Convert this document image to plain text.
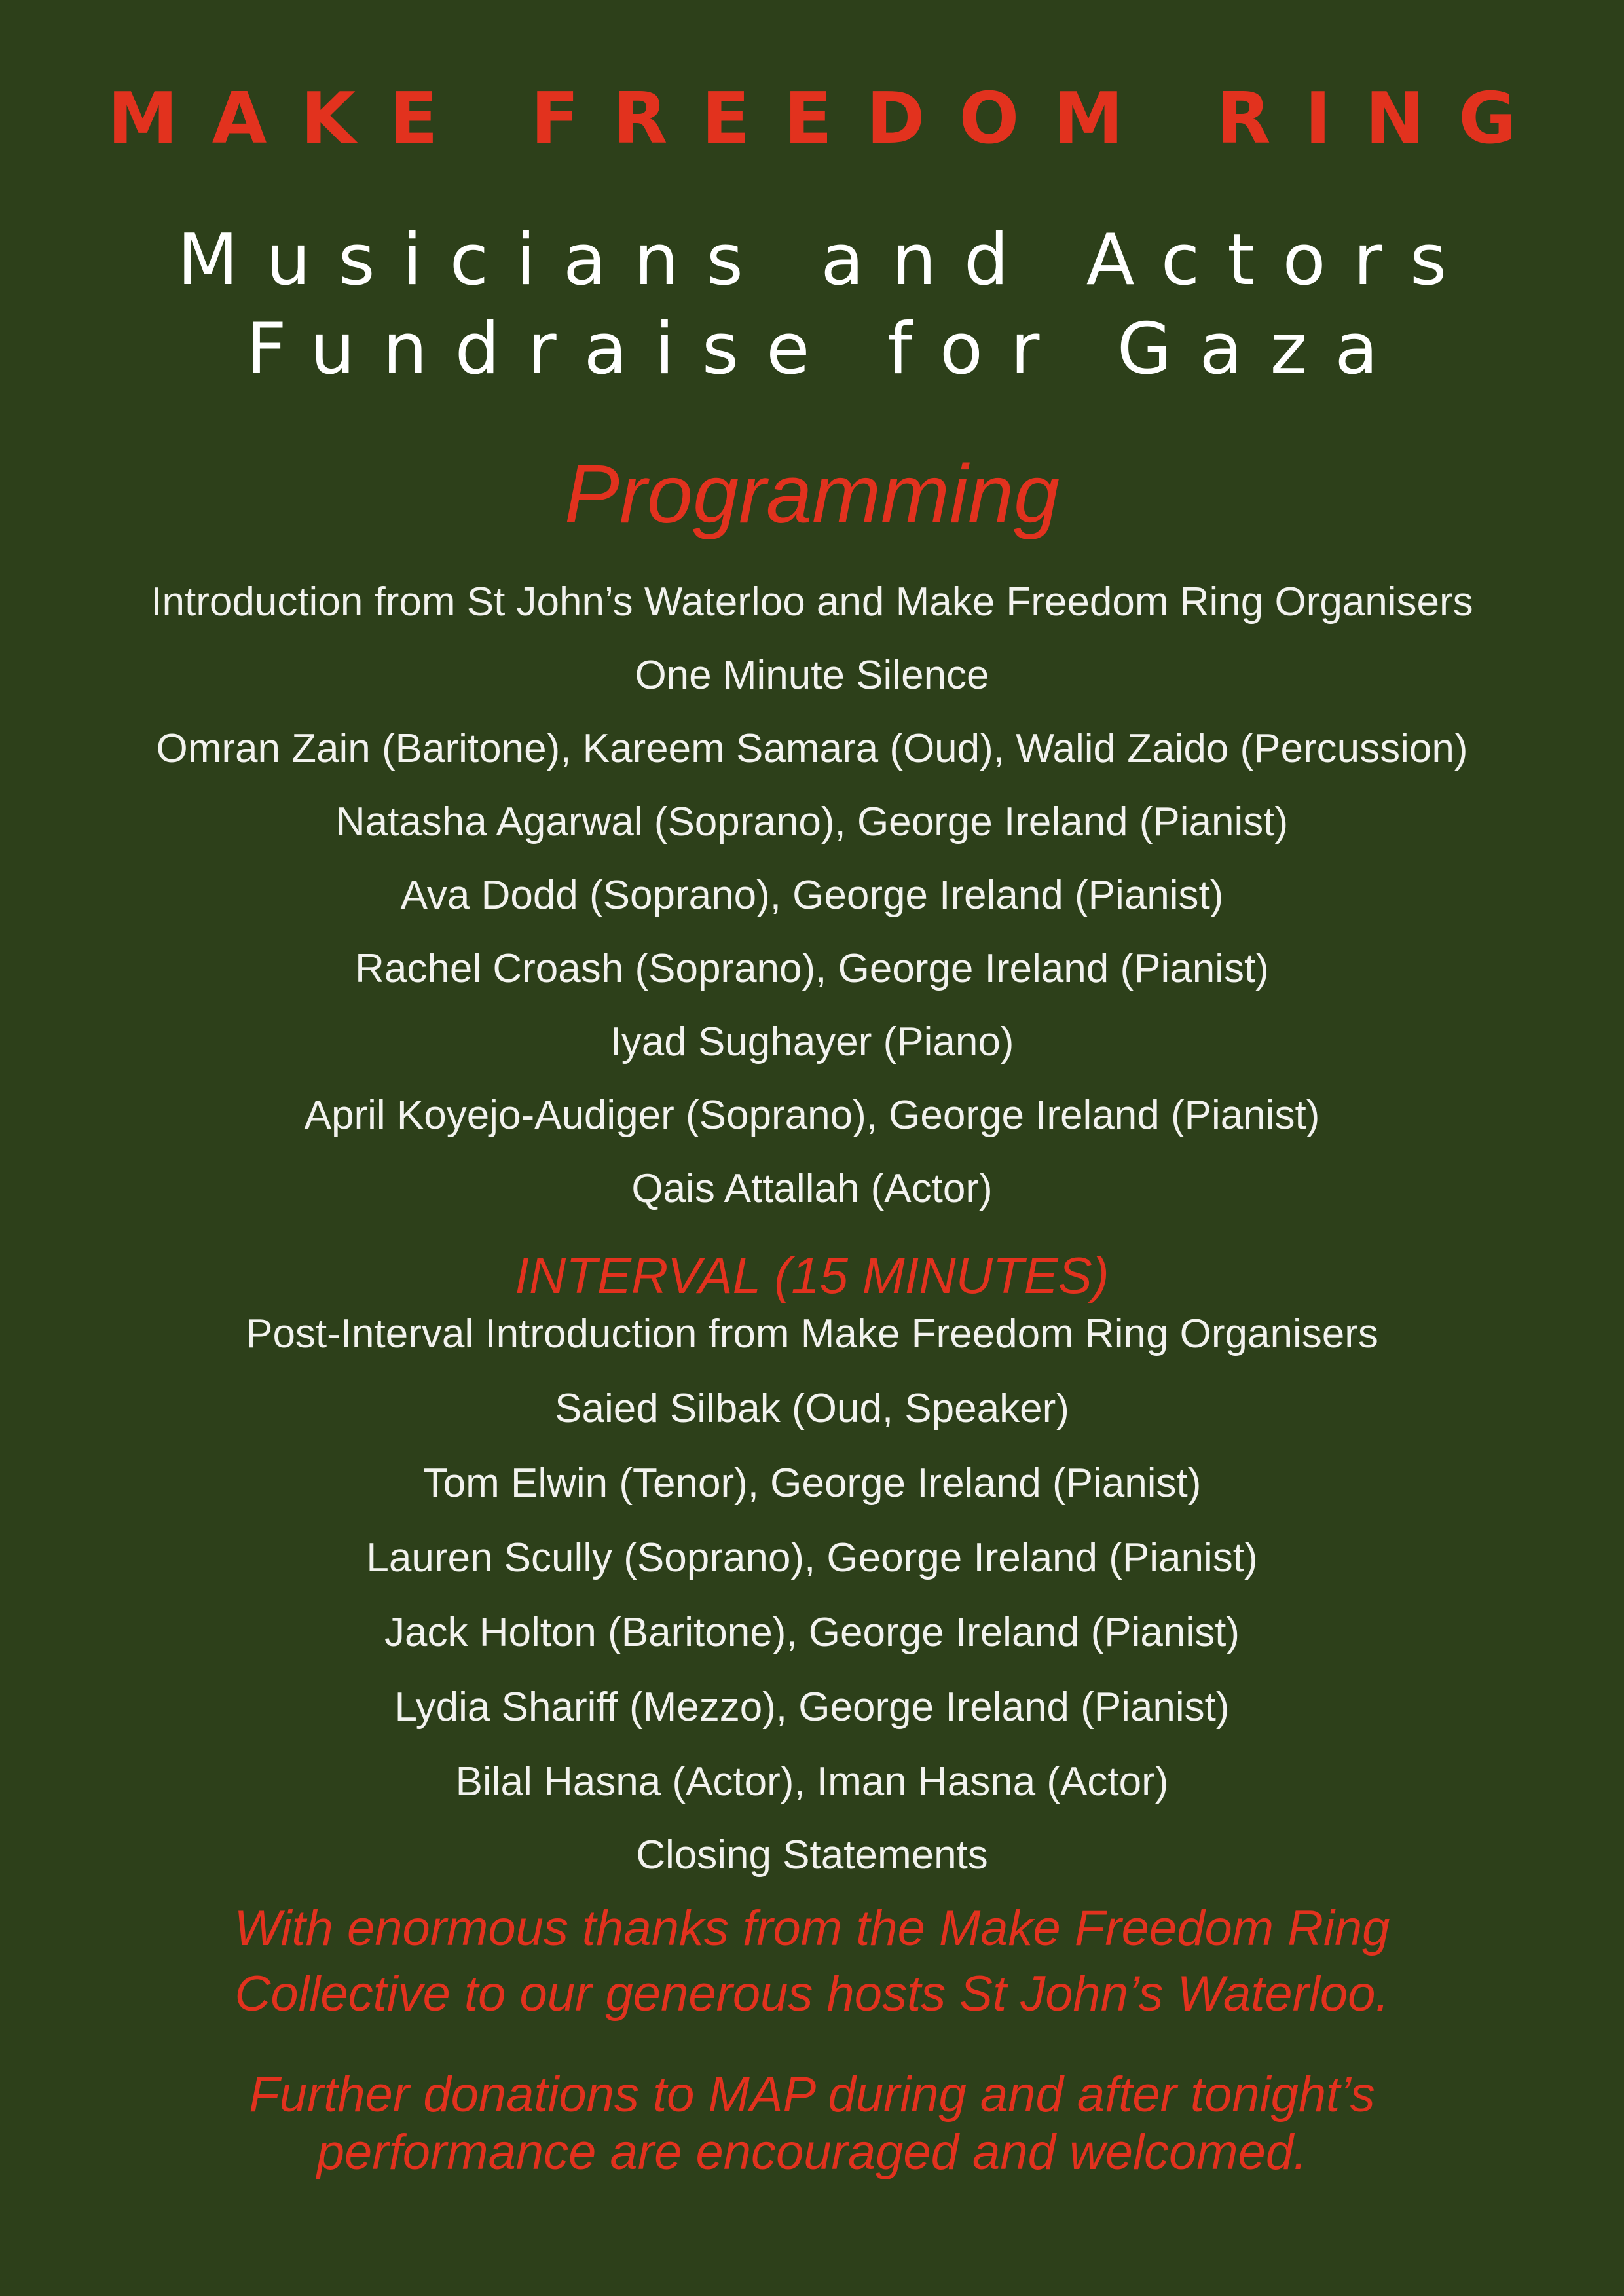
MAKE FREEDOM RING
Musicians and Actors
Fundraise for Gaza
Programming
Introduction from St John’s Waterloo and Make Freedom Ring Organisers
One Minute Silence
Omran Zain (Baritone), Kareem Samara (Oud), Walid Zaido (Percussion)
Natasha Agarwal (Soprano), George Ireland (Pianist)
Ava Dodd (Soprano), George Ireland (Pianist)
Rachel Croash (Soprano), George Ireland (Pianist)
Iyad Sughayer (Piano)
April Koyejo-Audiger (Soprano), George Ireland (Pianist)
Qais Attallah (Actor)
INTERVAL (15 MINUTES)
Post-Interval Introduction from Make Freedom Ring Organisers
Saied Silbak (Oud, Speaker)
Tom Elwin (Tenor), George Ireland (Pianist)
Lauren Scully (Soprano), George Ireland (Pianist)
Jack Holton (Baritone), George Ireland (Pianist)
Lydia Shariff (Mezzo), George Ireland (Pianist)
Bilal Hasna (Actor), Iman Hasna (Actor)
Closing Statements
With enormous thanks from the Make Freedom Ring
Collective to our generous hosts St John’s Waterloo.
Further donations to MAP during and after tonight’s
performance are encouraged and welcomed.
